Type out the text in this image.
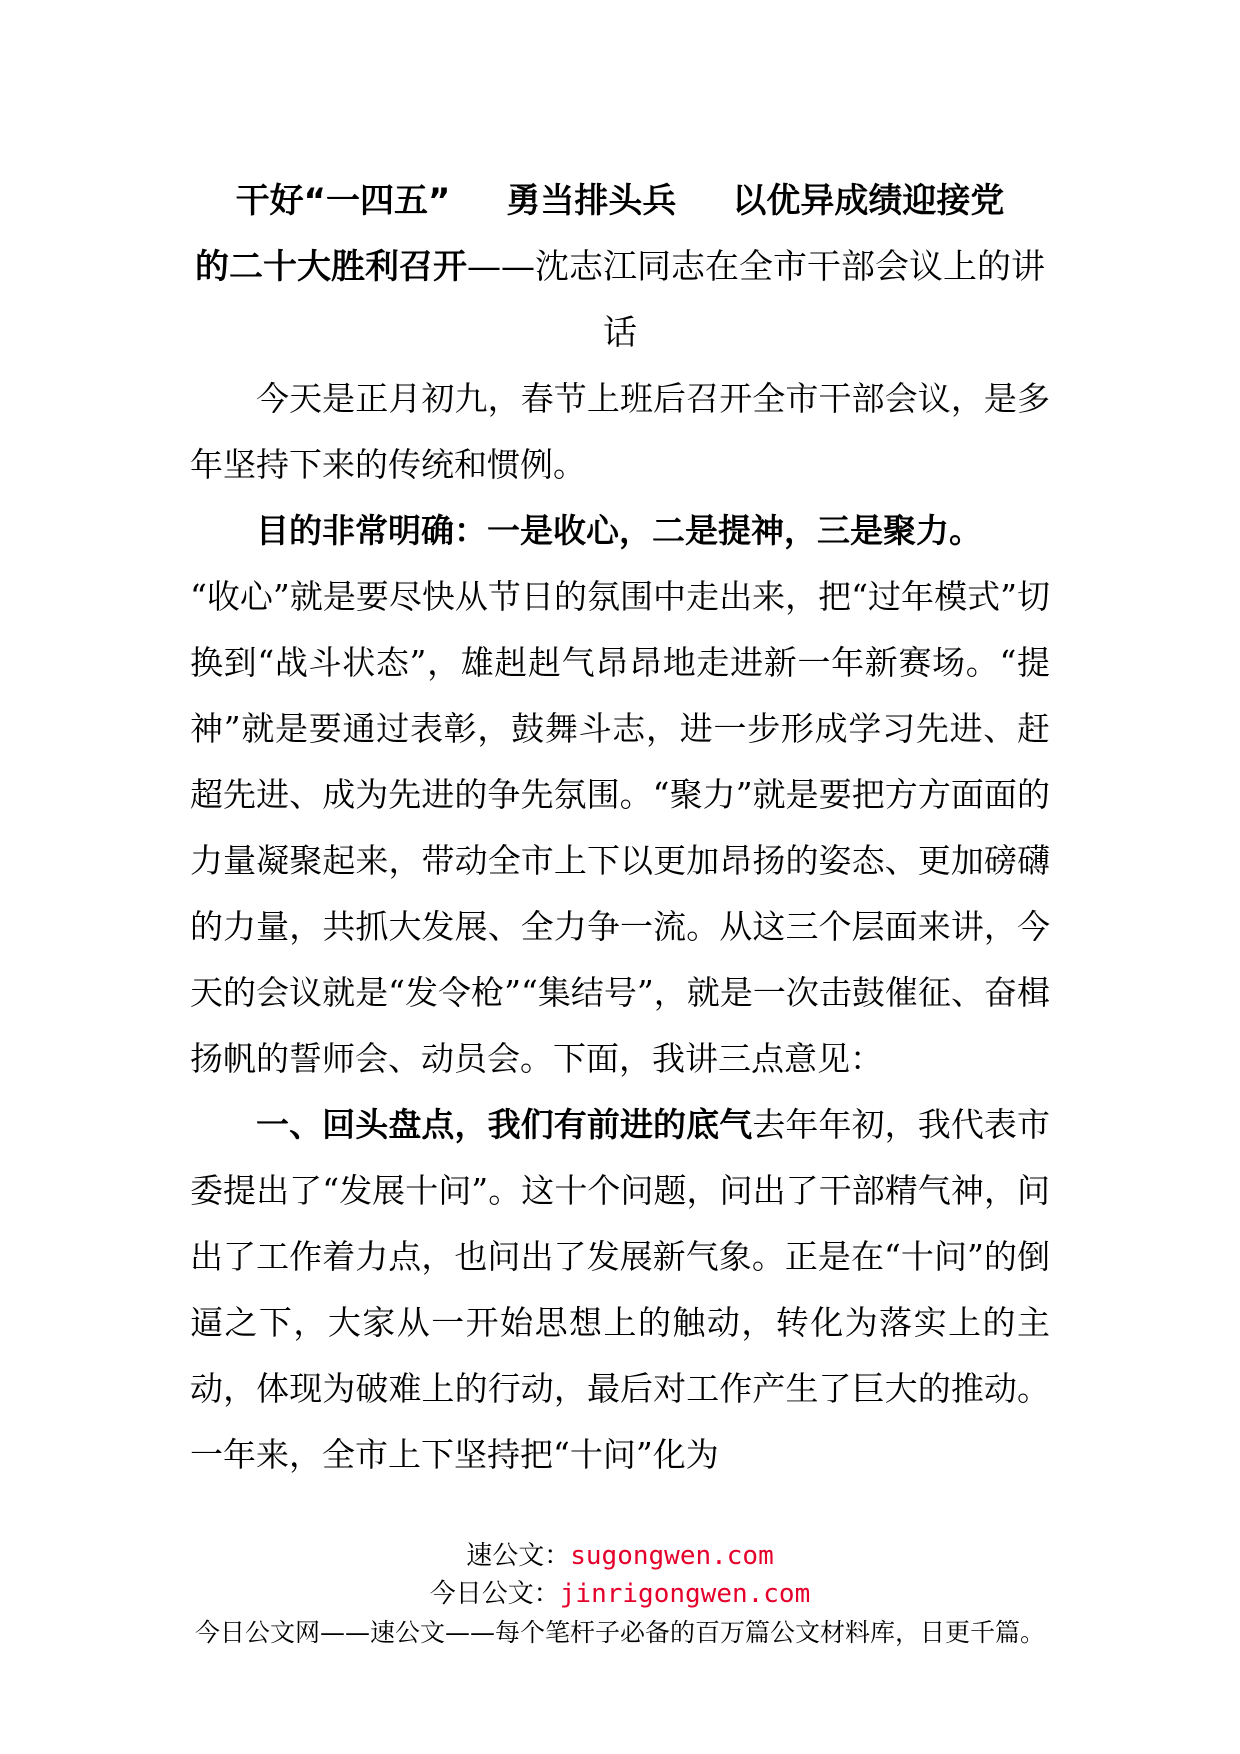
干好“一四五” 勇当排头兵 以优异成绩迎接党
的二十大胜利召开——沈志江同志在全市干部会议上的讲
话

今天是正月初九，春节上班后召开全市干部会议，是多年坚持下来的传统和惯例。

目的非常明确：一是收心，二是提神，三是聚力。

“收心”就是要尽快从节日的氛围中走出来，把“过年模式”切换到“战斗状态”，雄赳赳气昂昂地走进新一年新赛场。“提神”就是要通过表彰，鼓舞斗志，进一步形成学习先进、赶超先进、成为先进的争先氛围。“聚力”就是要把方方面面的力量凝聚起来，带动全市上下以更加昂扬的姿态、更加磅礴的力量，共抓大发展、全力争一流。从这三个层面来讲，今天的会议就是“发令枪”“集结号”，就是一次击鼓催征、奋楫扬帆的誓师会、动员会。下面，我讲三点意见：

一、回头盘点，我们有前进的底气去年年初，我代表市委提出了“发展十问”。这十个问题，问出了干部精气神，问出了工作着力点，也问出了发展新气象。正是在“十问”的倒逼之下，大家从一开始思想上的触动，转化为落实上的主动，体现为破难上的行动，最后对工作产生了巨大的推动。一年来，全市上下坚持把“十问”化为

速公文：sugongwen.com
今日公文：jinrigongwen.com
今日公文网——速公文——每个笔杆子必备的百万篇公文材料库，日更千篇。
